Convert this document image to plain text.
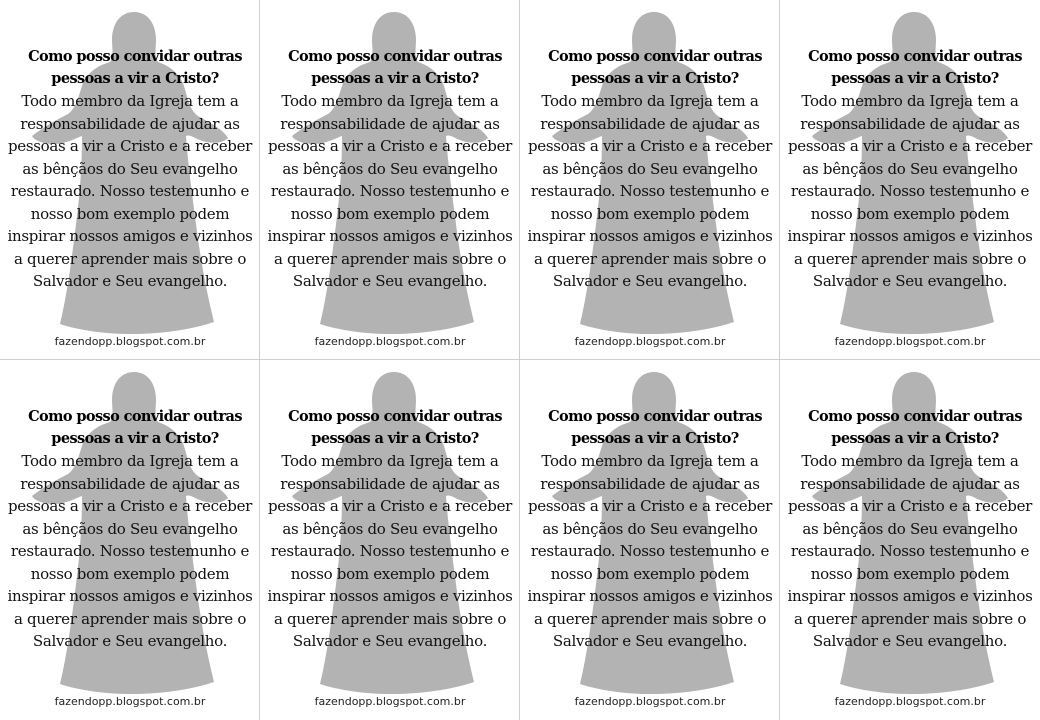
Como posso convidar outras
pessoas a vir a Cristo?
Todo membro da Igreja tem a responsabilidade de ajudar as pessoas a vir a Cristo e a receber as bênçãos do Seu evangelho restaurado. Nosso testemunho e nosso bom exemplo podem inspirar nossos amigos e vizinhos a querer aprender mais sobre o Salvador e Seu evangelho.
fazendopp.blogspot.com.br
Como posso convidar outras
pessoas a vir a Cristo?
Todo membro da Igreja tem a responsabilidade de ajudar as pessoas a vir a Cristo e a receber as bênçãos do Seu evangelho restaurado. Nosso testemunho e nosso bom exemplo podem inspirar nossos amigos e vizinhos a querer aprender mais sobre o Salvador e Seu evangelho.
fazendopp.blogspot.com.br
Como posso convidar outras
pessoas a vir a Cristo?
Todo membro da Igreja tem a responsabilidade de ajudar as pessoas a vir a Cristo e a receber as bênçãos do Seu evangelho restaurado. Nosso testemunho e nosso bom exemplo podem inspirar nossos amigos e vizinhos a querer aprender mais sobre o Salvador e Seu evangelho.
fazendopp.blogspot.com.br
Como posso convidar outras
pessoas a vir a Cristo?
Todo membro da Igreja tem a responsabilidade de ajudar as pessoas a vir a Cristo e a receber as bênçãos do Seu evangelho restaurado. Nosso testemunho e nosso bom exemplo podem inspirar nossos amigos e vizinhos a querer aprender mais sobre o Salvador e Seu evangelho.
fazendopp.blogspot.com.br
Como posso convidar outras
pessoas a vir a Cristo?
Todo membro da Igreja tem a responsabilidade de ajudar as pessoas a vir a Cristo e a receber as bênçãos do Seu evangelho restaurado. Nosso testemunho e nosso bom exemplo podem inspirar nossos amigos e vizinhos a querer aprender mais sobre o Salvador e Seu evangelho.
fazendopp.blogspot.com.br
Como posso convidar outras
pessoas a vir a Cristo?
Todo membro da Igreja tem a responsabilidade de ajudar as pessoas a vir a Cristo e a receber as bênçãos do Seu evangelho restaurado. Nosso testemunho e nosso bom exemplo podem inspirar nossos amigos e vizinhos a querer aprender mais sobre o Salvador e Seu evangelho.
fazendopp.blogspot.com.br
Como posso convidar outras
pessoas a vir a Cristo?
Todo membro da Igreja tem a responsabilidade de ajudar as pessoas a vir a Cristo e a receber as bênçãos do Seu evangelho restaurado. Nosso testemunho e nosso bom exemplo podem inspirar nossos amigos e vizinhos a querer aprender mais sobre o Salvador e Seu evangelho.
fazendopp.blogspot.com.br
Como posso convidar outras
pessoas a vir a Cristo?
Todo membro da Igreja tem a responsabilidade de ajudar as pessoas a vir a Cristo e a receber as bênçãos do Seu evangelho restaurado. Nosso testemunho e nosso bom exemplo podem inspirar nossos amigos e vizinhos a querer aprender mais sobre o Salvador e Seu evangelho.
fazendopp.blogspot.com.br
